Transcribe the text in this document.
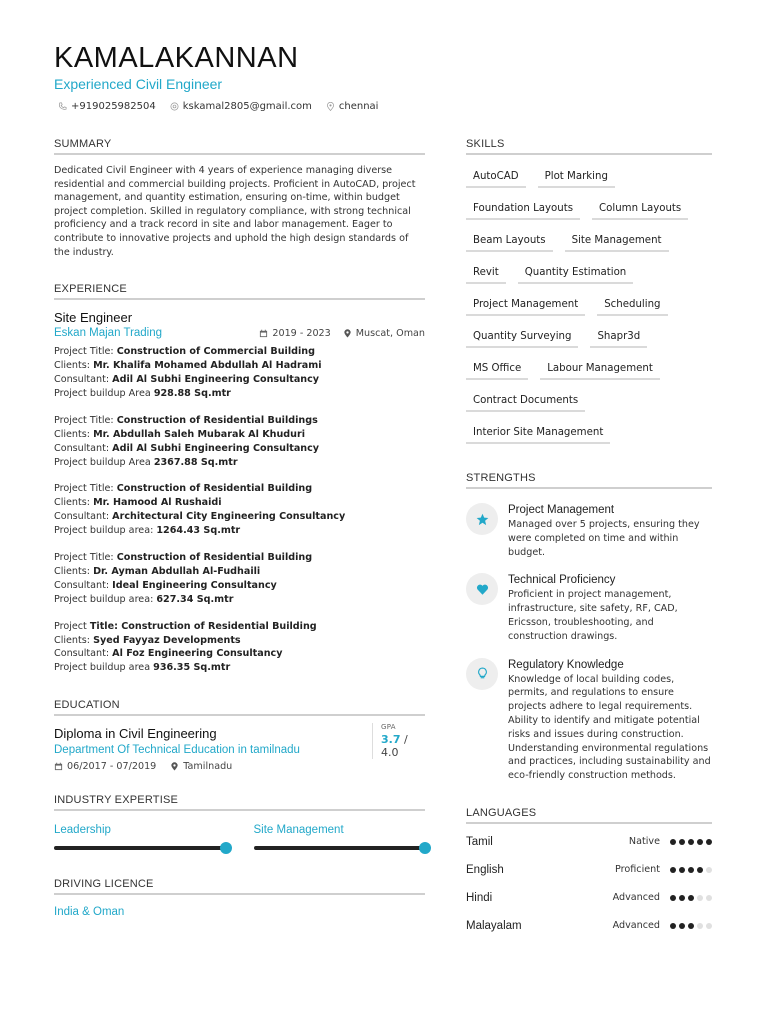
KAMALAKANNAN
Experienced Civil Engineer
+919025982504	kskamal2805@gmail.com	chennai
SUMMARY
Dedicated Civil Engineer with 4 years of experience managing diverse residential and commercial building projects. Proficient in AutoCAD, project management, and quantity estimation, ensuring on-time, within budget project completion. Skilled in regulatory compliance, with strong technical proficiency and a track record in site and labor management. Eager to contribute to innovative projects and uphold the high design standards of the industry.
EXPERIENCE
Site Engineer
Eskan Majan Trading	2019 - 2023	Muscat, Oman
Project Title: Construction of Commercial Building
Clients: Mr. Khalifa Mohamed Abdullah Al Hadrami
Consultant: Adil Al Subhi Engineering Consultancy
Project buildup Area 928.88 Sq.mtr
Project Title: Construction of Residential Buildings
Clients: Mr. Abdullah Saleh Mubarak Al Khuduri
Consultant: Adil Al Subhi Engineering Consultancy
Project buildup Area 2367.88 Sq.mtr
Project Title: Construction of Residential Building
Clients: Mr. Hamood Al Rushaidi
Consultant: Architectural City Engineering Consultancy
Project buildup area: 1264.43 Sq.mtr
Project Title: Construction of Residential Building
Clients: Dr. Ayman Abdullah Al-Fudhaili
Consultant: Ideal Engineering Consultancy
Project buildup area: 627.34 Sq.mtr
Project Title: Construction of Residential Building
Clients: Syed Fayyaz Developments
Consultant: Al Foz Engineering Consultancy
Project buildup area 936.35 Sq.mtr
EDUCATION
Diploma in Civil Engineering
Department Of Technical Education in tamilnadu
06/2017 - 07/2019	Tamilnadu
GPA
3.7 / 4.0
INDUSTRY EXPERTISE
Leadership	Site Management
DRIVING LICENCE
India & Oman
SKILLS
AutoCAD	Plot Marking
Foundation Layouts	Column Layouts
Beam Layouts	Site Management
Revit	Quantity Estimation
Project Management	Scheduling
Quantity Surveying	Shapr3d
MS Office	Labour Management
Contract Documents
Interior Site Management
STRENGTHS
Project Management
Managed over 5 projects, ensuring they were completed on time and within budget.
Technical Proficiency
Proficient in project management, infrastructure, site safety, RF, CAD, Ericsson, troubleshooting, and construction drawings.
Regulatory Knowledge
Knowledge of local building codes, permits, and regulations to ensure projects adhere to legal requirements. Ability to identify and mitigate potential risks and issues during construction. Understanding environmental regulations and practices, including sustainability and eco-friendly construction methods.
LANGUAGES
Tamil	Native
English	Proficient
Hindi	Advanced
Malayalam	Advanced
